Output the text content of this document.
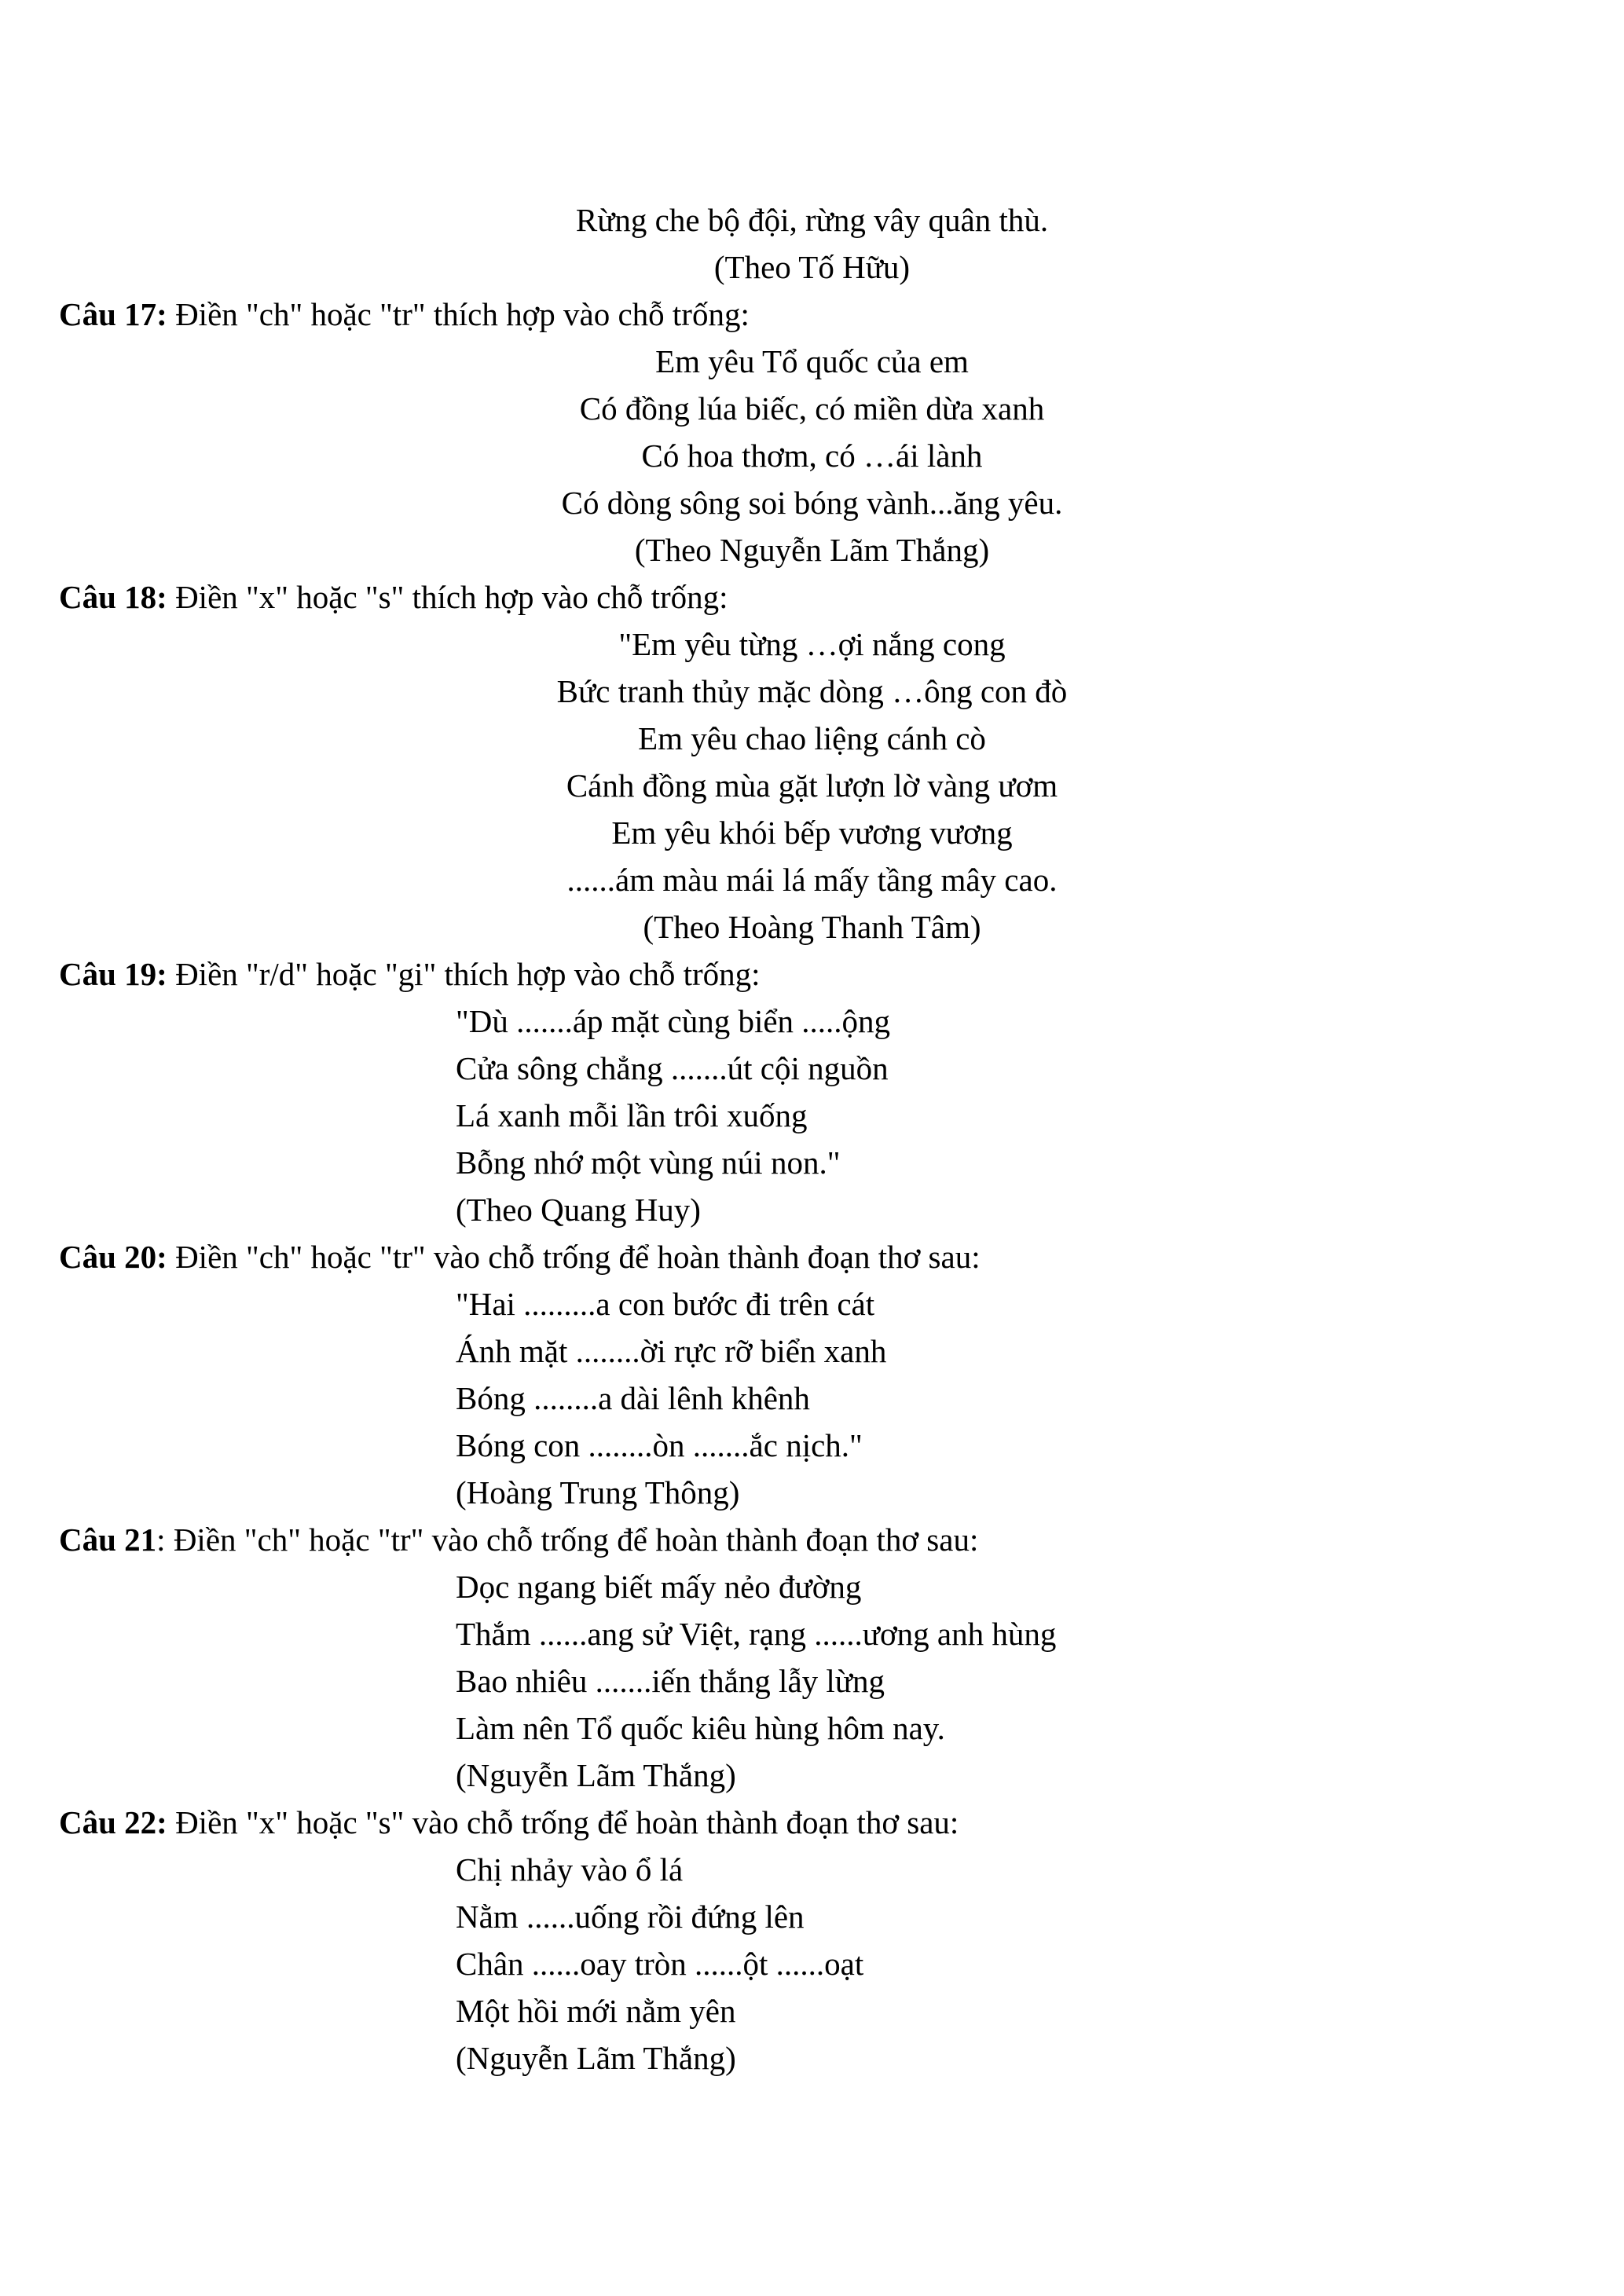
Rừng che bộ đội, rừng vây quân thù.
(Theo Tố Hữu)
Câu 17: Điền "ch" hoặc "tr" thích hợp vào chỗ trống:
Em yêu Tổ quốc của em
Có đồng lúa biếc, có miền dừa xanh
Có hoa thơm, có …ái lành
Có dòng sông soi bóng vành...ăng yêu.
(Theo Nguyễn Lãm Thắng)
Câu 18: Điền "x" hoặc "s" thích hợp vào chỗ trống:
"Em yêu từng …ợi nắng cong
Bức tranh thủy mặc dòng …ông con đò
Em yêu chao liệng cánh cò
Cánh đồng mùa gặt lượn lờ vàng ươm
Em yêu khói bếp vương vương
......ám màu mái lá mấy tầng mây cao.
(Theo Hoàng Thanh Tâm)
Câu 19: Điền "r/d" hoặc "gi" thích hợp vào chỗ trống:
"Dù .......áp mặt cùng biển .....ộng
Cửa sông chẳng .......út cội nguồn
Lá xanh mỗi lần trôi xuống
Bỗng nhớ một vùng núi non."
(Theo Quang Huy)
Câu 20: Điền "ch" hoặc "tr" vào chỗ trống để hoàn thành đoạn thơ sau:
"Hai .........a con bước đi trên cát
Ánh mặt ........ời rực rỡ biển xanh
Bóng ........a dài lênh khênh
Bóng con ........òn .......ắc nịch."
(Hoàng Trung Thông)
Câu 21: Điền "ch" hoặc "tr" vào chỗ trống để hoàn thành đoạn thơ sau:
Dọc ngang biết mấy nẻo đường
Thắm ......ang sử Việt, rạng ......ương anh hùng
Bao nhiêu .......iến thắng lẫy lừng
Làm nên Tổ quốc kiêu hùng hôm nay.
(Nguyễn Lãm Thắng)
Câu 22: Điền "x" hoặc "s" vào chỗ trống để hoàn thành đoạn thơ sau:
Chị nhảy vào ổ lá
Nằm ......uống rồi đứng lên
Chân ......oay tròn ......ột ......oạt
Một hồi mới nằm yên
(Nguyễn Lãm Thắng)
